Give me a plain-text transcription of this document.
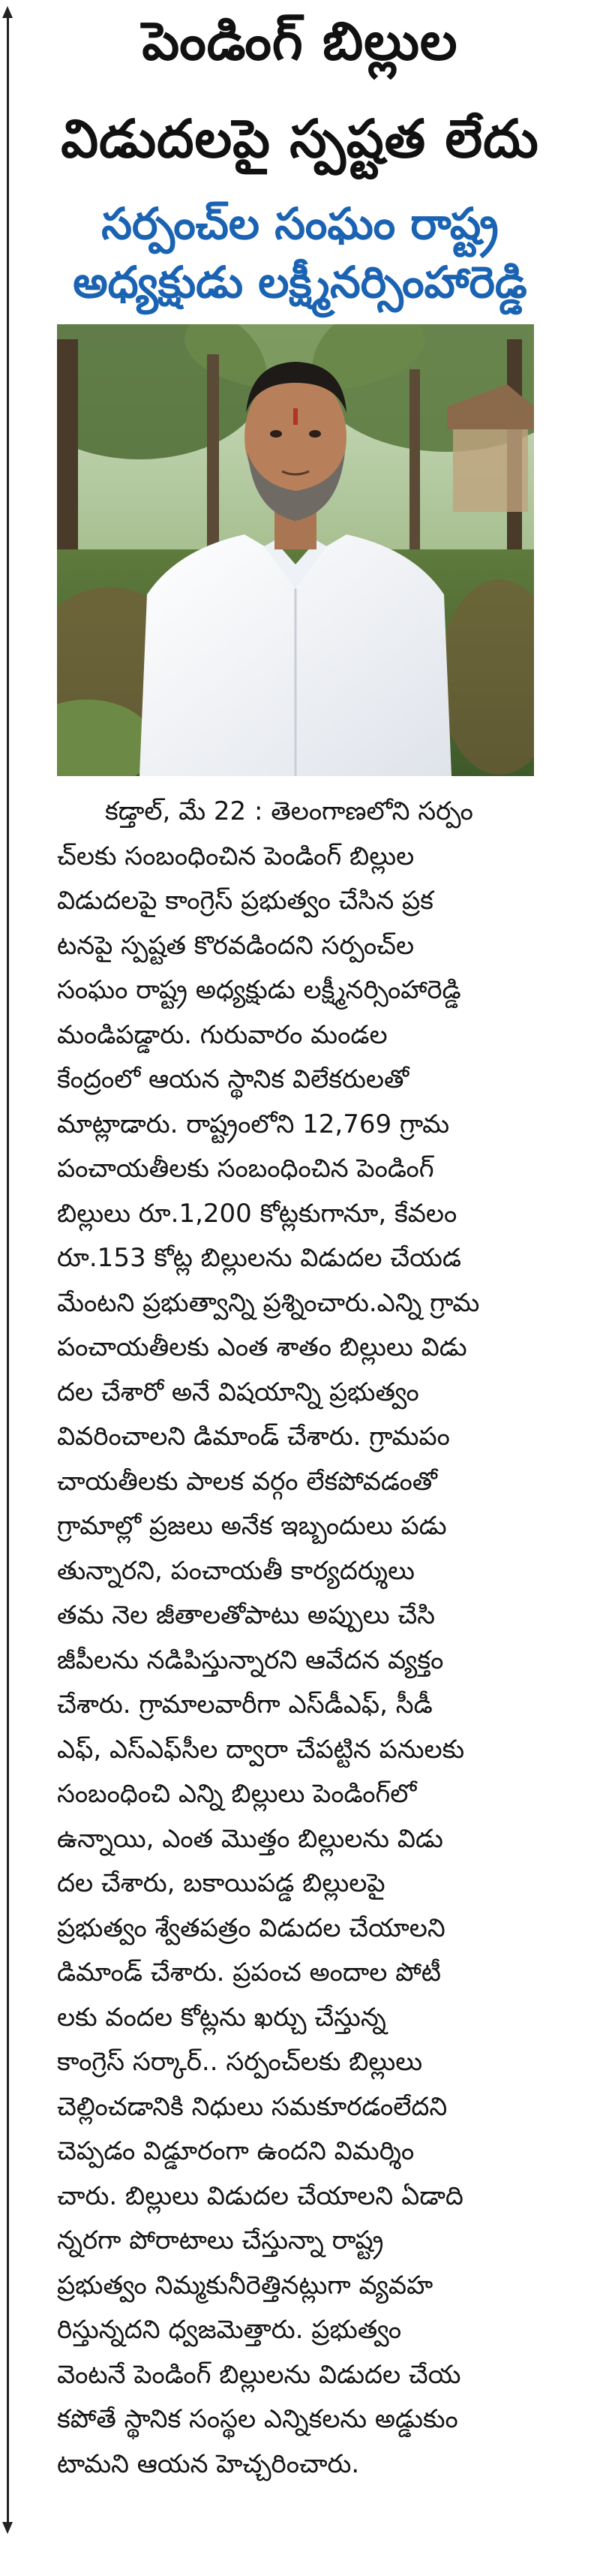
పెండింగ్ బిల్లుల
విడుదలపై స్పష్టత లేదు
సర్పంచ్‌ల సంఘం రాష్ట్ర
అధ్యక్షుడు లక్ష్మీనర్సింహారెడ్డి
కడ్తాల్‌, మే 22 : తెలంగాణలోని సర్పం
చ్‌లకు సంబంధించిన పెండింగ్‌ బిల్లుల
విడుదలపై కాంగ్రెస్‌ ప్రభుత్వం చేసిన ప్రక
టనపై స్పష్టత కొరవడిందని సర్పంచ్‌ల
సంఘం రాష్ట్ర అధ్యక్షుడు లక్ష్మీనర్సింహారెడ్డి
మండిపడ్డారు. గురువారం మండల
కేంద్రంలో ఆయన స్థానిక విలేకరులతో
మాట్లాడారు. రాష్ట్రంలోని 12,769 గ్రామ
పంచాయతీలకు సంబంధించిన పెండింగ్‌
బిల్లులు రూ.1,200 కోట్లకుగానూ, కేవలం
రూ.153 కోట్ల బిల్లులను విడుదల చేయడ
మేంటని ప్రభుత్వాన్ని ప్రశ్నించారు.ఎన్ని గ్రామ
పంచాయతీలకు ఎంత శాతం బిల్లులు విడు
దల చేశారో అనే విషయాన్ని ప్రభుత్వం
వివరించాలని డిమాండ్‌ చేశారు. గ్రామపం
చాయతీలకు పాలక వర్గం లేకపోవడంతో
గ్రామాల్లో ప్రజలు అనేక ఇబ్బందులు పడు
తున్నారని, పంచాయతీ కార్యదర్శులు
తమ నెల జీతాలతోపాటు అప్పులు చేసి
జీపీలను నడిపిస్తున్నారని ఆవేదన వ్యక్తం
చేశారు. గ్రామాలవారీగా ఎస్‌డీఎఫ్‌, సీడీ
ఎఫ్‌, ఎస్‌ఎఫ్‌సీల ద్వారా చేపట్టిన పనులకు
సంబంధించి ఎన్ని బిల్లులు పెండింగ్‌లో
ఉన్నాయి, ఎంత మొత్తం బిల్లులను విడు
దల చేశారు, బకాయిపడ్డ బిల్లులపై
ప్రభుత్వం శ్వేతపత్రం విడుదల చేయాలని
డిమాండ్‌ చేశారు. ప్రపంచ అందాల పోటీ
లకు వందల కోట్లను ఖర్చు చేస్తున్న
కాంగ్రెస్‌ సర్కార్‌.. సర్పంచ్‌లకు బిల్లులు
చెల్లించడానికి నిధులు సమకూరడంలేదని
చెప్పడం విడ్డూరంగా ఉందని విమర్శిం
చారు. బిల్లులు విడుదల చేయాలని ఏడాది
న్నరగా పోరాటాలు చేస్తున్నా రాష్ట్ర
ప్రభుత్వం నిమ్మకునీరెత్తినట్లుగా వ్యవహ
రిస్తున్నదని ధ్వజమెత్తారు. ప్రభుత్వం
వెంటనే పెండింగ్‌ బిల్లులను విడుదల చేయ
కపోతే స్థానిక సంస్థల ఎన్నికలను అడ్డుకుం
టామని ఆయన హెచ్చరించారు.
